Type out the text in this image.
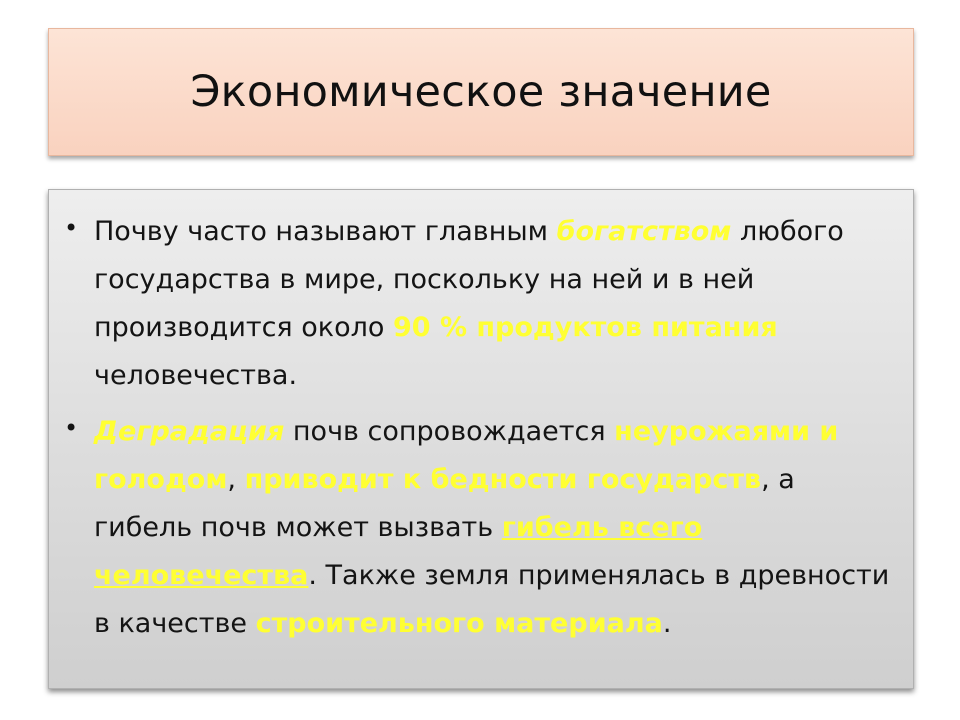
Экономическое значение
• Почву часто называют главным богатством любого государства в мире, поскольку на ней и в ней производится около 90 % продуктов питания человечества.
• Деградация почв сопровождается неурожаями и голодом, приводит к бедности государств, а гибель почв может вызвать гибель всего человечества. Также земля применялась в древности в качестве строительного материала.
